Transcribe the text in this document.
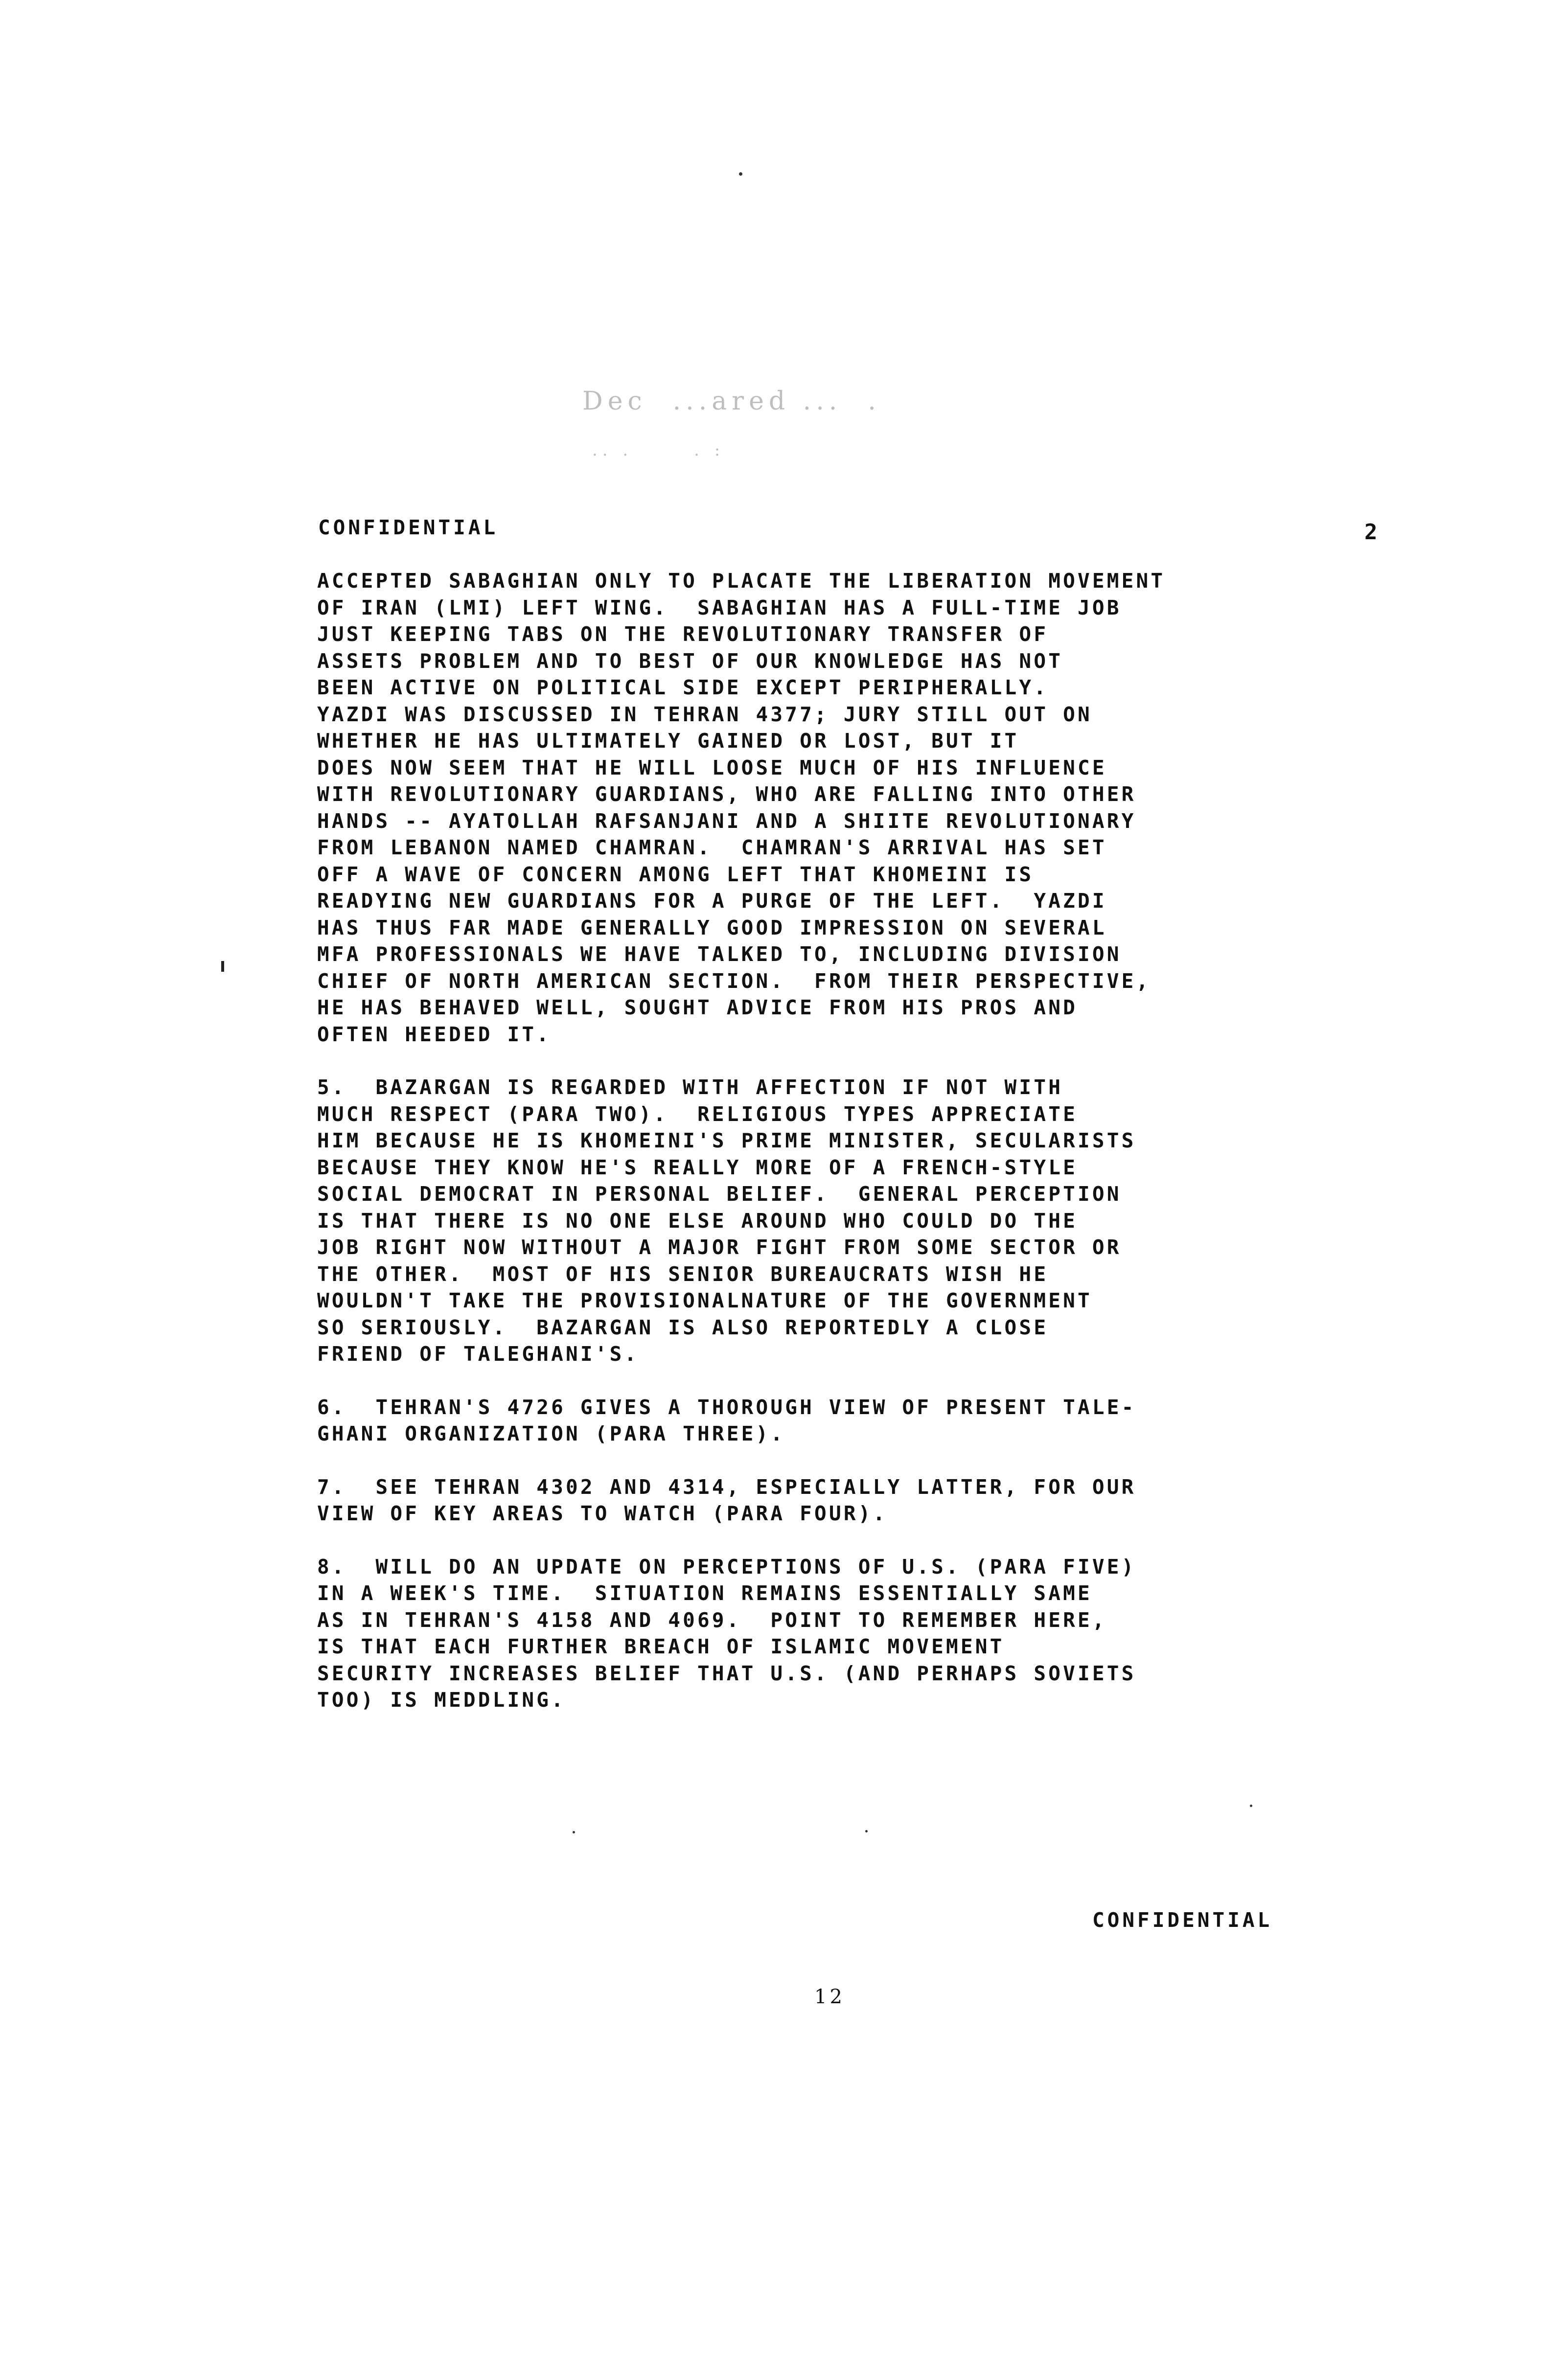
Dec  ...ared ...  .
.. .      . :
CONFIDENTIAL	2

ACCEPTED SABAGHIAN ONLY TO PLACATE THE LIBERATION MOVEMENT
OF IRAN (LMI) LEFT WING.  SABAGHIAN HAS A FULL-TIME JOB
JUST KEEPING TABS ON THE REVOLUTIONARY TRANSFER OF
ASSETS PROBLEM AND TO BEST OF OUR KNOWLEDGE HAS NOT
BEEN ACTIVE ON POLITICAL SIDE EXCEPT PERIPHERALLY.
YAZDI WAS DISCUSSED IN TEHRAN 4377; JURY STILL OUT ON
WHETHER HE HAS ULTIMATELY GAINED OR LOST, BUT IT
DOES NOW SEEM THAT HE WILL LOOSE MUCH OF HIS INFLUENCE
WITH REVOLUTIONARY GUARDIANS, WHO ARE FALLING INTO OTHER
HANDS -- AYATOLLAH RAFSANJANI AND A SHIITE REVOLUTIONARY
FROM LEBANON NAMED CHAMRAN.  CHAMRAN'S ARRIVAL HAS SET
OFF A WAVE OF CONCERN AMONG LEFT THAT KHOMEINI IS
READYING NEW GUARDIANS FOR A PURGE OF THE LEFT.  YAZDI
HAS THUS FAR MADE GENERALLY GOOD IMPRESSION ON SEVERAL
MFA PROFESSIONALS WE HAVE TALKED TO, INCLUDING DIVISION
CHIEF OF NORTH AMERICAN SECTION.  FROM THEIR PERSPECTIVE,
HE HAS BEHAVED WELL, SOUGHT ADVICE FROM HIS PROS AND
OFTEN HEEDED IT.

5.  BAZARGAN IS REGARDED WITH AFFECTION IF NOT WITH
MUCH RESPECT (PARA TWO).  RELIGIOUS TYPES APPRECIATE
HIM BECAUSE HE IS KHOMEINI'S PRIME MINISTER, SECULARISTS
BECAUSE THEY KNOW HE'S REALLY MORE OF A FRENCH-STYLE
SOCIAL DEMOCRAT IN PERSONAL BELIEF.  GENERAL PERCEPTION
IS THAT THERE IS NO ONE ELSE AROUND WHO COULD DO THE
JOB RIGHT NOW WITHOUT A MAJOR FIGHT FROM SOME SECTOR OR
THE OTHER.  MOST OF HIS SENIOR BUREAUCRATS WISH HE
WOULDN'T TAKE THE PROVISIONALNATURE OF THE GOVERNMENT
SO SERIOUSLY.  BAZARGAN IS ALSO REPORTEDLY A CLOSE
FRIEND OF TALEGHANI'S.

6.  TEHRAN'S 4726 GIVES A THOROUGH VIEW OF PRESENT TALE-
GHANI ORGANIZATION (PARA THREE).

7.  SEE TEHRAN 4302 AND 4314, ESPECIALLY LATTER, FOR OUR
VIEW OF KEY AREAS TO WATCH (PARA FOUR).

8.  WILL DO AN UPDATE ON PERCEPTIONS OF U.S. (PARA FIVE)
IN A WEEK'S TIME.  SITUATION REMAINS ESSENTIALLY SAME
AS IN TEHRAN'S 4158 AND 4069.  POINT TO REMEMBER HERE,
IS THAT EACH FURTHER BREACH OF ISLAMIC MOVEMENT
SECURITY INCREASES BELIEF THAT U.S. (AND PERHAPS SOVIETS
TOO) IS MEDDLING.

CONFIDENTIAL
12
